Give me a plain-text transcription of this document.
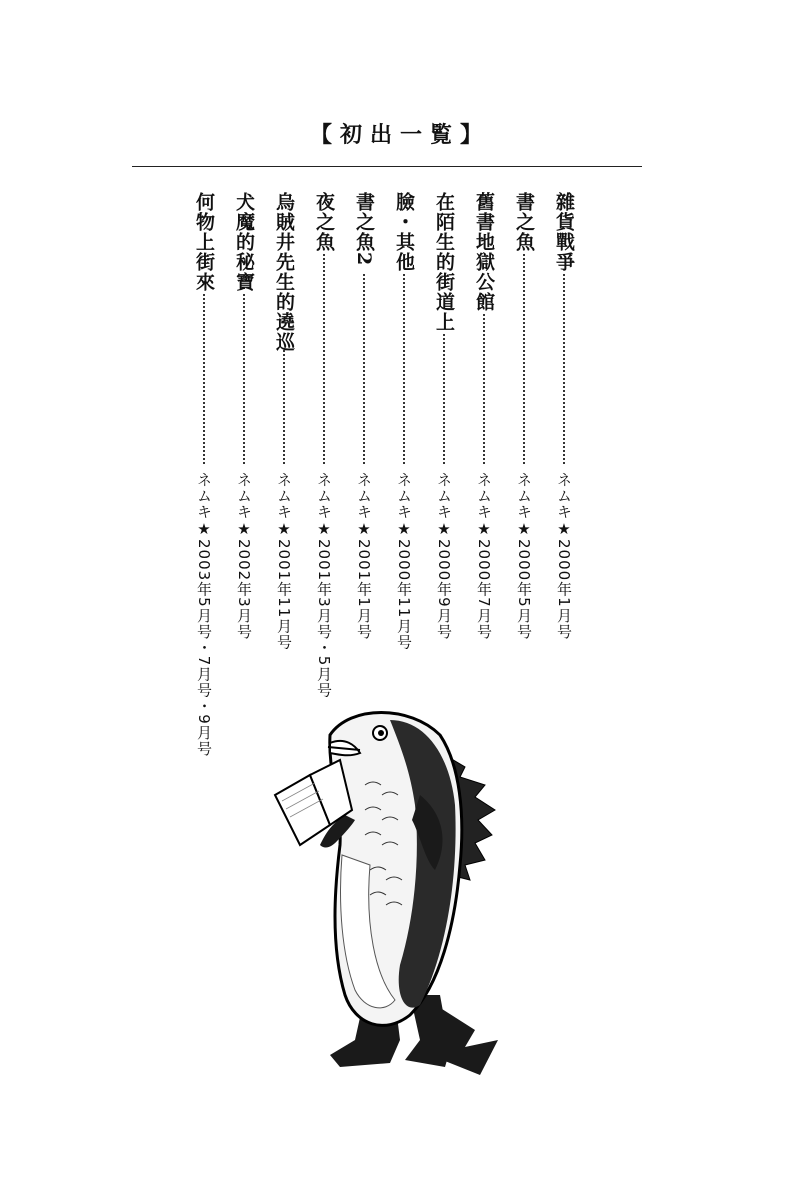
【初出一覧】
雜貨戰爭
ネムキ★2000年1月号
書之魚
ネムキ★2000年5月号
舊書地獄公館
ネムキ★2000年7月号
在陌生的街道上
ネムキ★2000年9月号
臉・其他
ネムキ★2000年11月号
書之魚2
ネムキ★2001年1月号
夜之魚
ネムキ★2001年3月号・5月号
烏賊井先生的遶巡
ネムキ★2001年11月号
犬魔的秘寶
ネムキ★2002年3月号
何物上街來
ネムキ★2003年5月号・7月号・9月号
